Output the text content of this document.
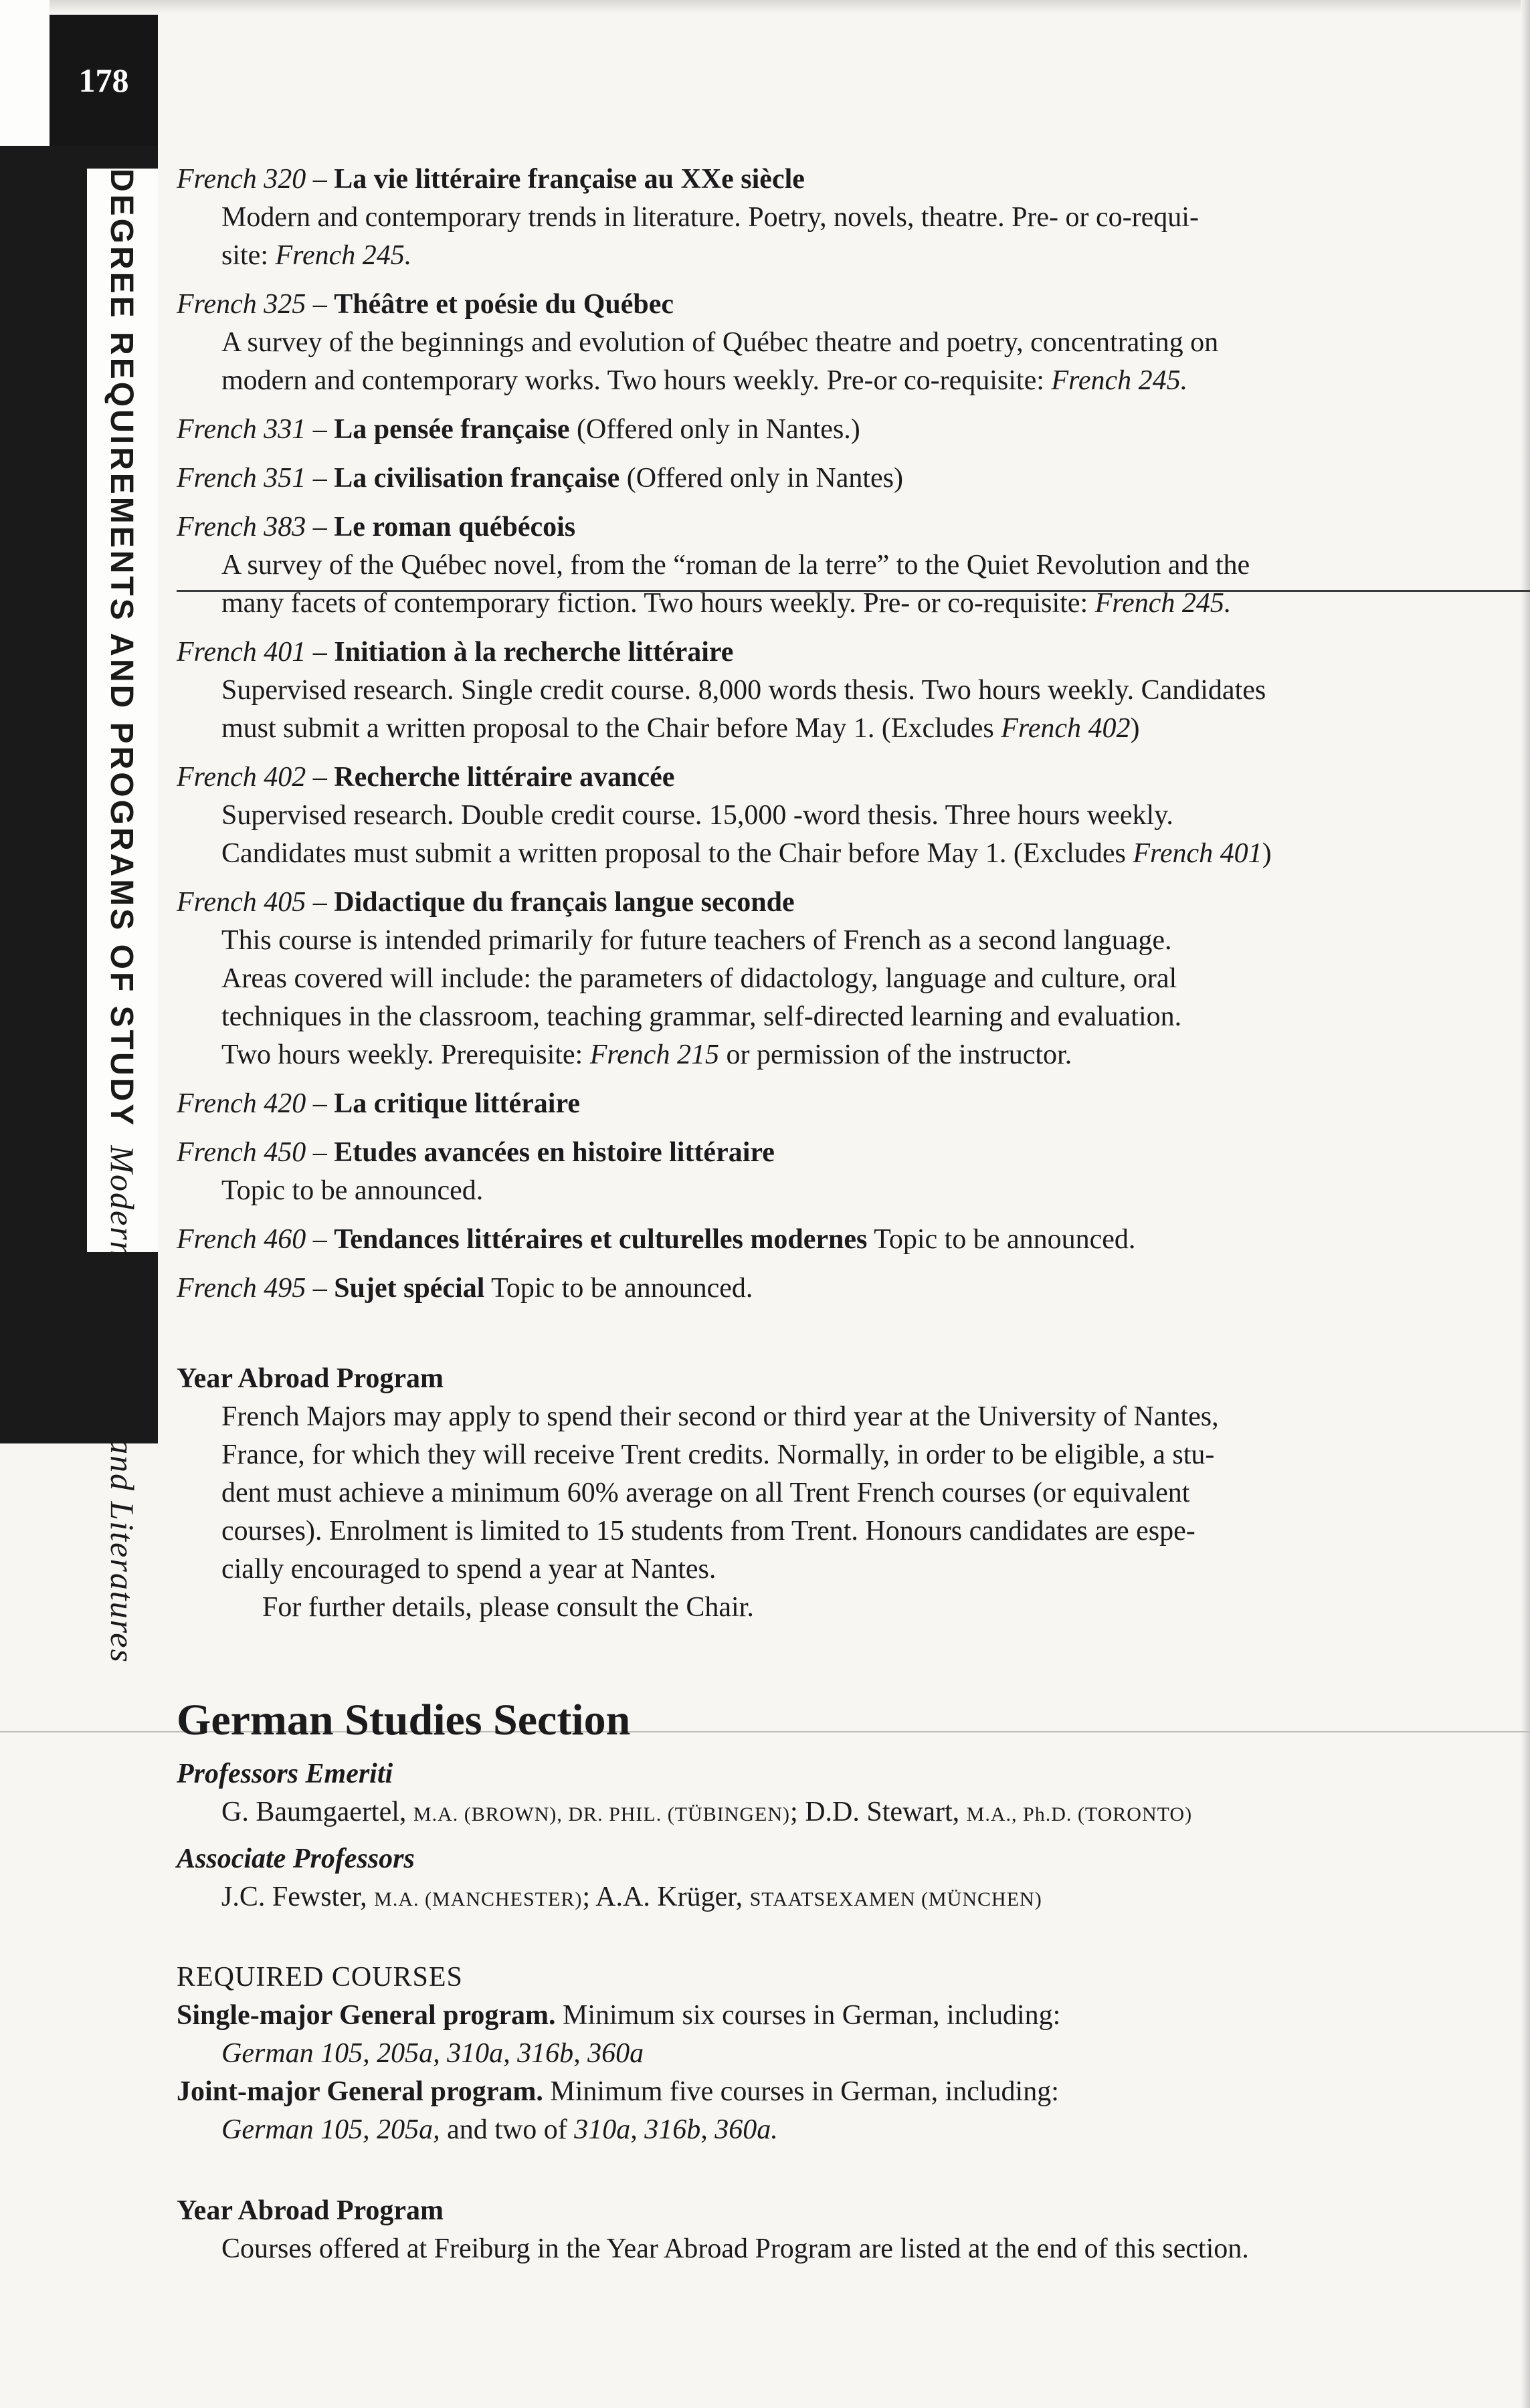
178
DEGREE REQUIREMENTS AND PROGRAMS OF STUDYModern Languages and Literatures
French 320 – La vie littéraire française au XXe siècle
Modern and contemporary trends in literature. Poetry, novels, theatre. Pre- or co-requi-
site: French 245.
French 325 – Théâtre et poésie du Québec
A survey of the beginnings and evolution of Québec theatre and poetry, concentrating on
modern and contemporary works. Two hours weekly. Pre-or co-requisite: French 245.
French 331 – La pensée française (Offered only in Nantes.)
French 351 – La civilisation française (Offered only in Nantes)
French 383 – Le roman québécois
A survey of the Québec novel, from the “roman de la terre” to the Quiet Revolution and the
many facets of contemporary fiction. Two hours weekly. Pre- or co-requisite: French 245.
French 401 – Initiation à la recherche littéraire
Supervised research. Single credit course. 8,000 words thesis. Two hours weekly. Candidates
must submit a written proposal to the Chair before May 1. (Excludes French 402)
French 402 – Recherche littéraire avancée
Supervised research. Double credit course. 15,000 -word thesis. Three hours weekly.
Candidates must submit a written proposal to the Chair before May 1. (Excludes French 401)
French 405 – Didactique du français langue seconde
This course is intended primarily for future teachers of French as a second language.
Areas covered will include: the parameters of didactology, language and culture, oral
techniques in the classroom, teaching grammar, self-directed learning and evaluation.
Two hours weekly. Prerequisite: French 215 or permission of the instructor.
French 420 – La critique littéraire
French 450 – Etudes avancées en histoire littéraire
Topic to be announced.
French 460 – Tendances littéraires et culturelles modernes Topic to be announced.
French 495 – Sujet spécial Topic to be announced.
Year Abroad Program
French Majors may apply to spend their second or third year at the University of Nantes,
France, for which they will receive Trent credits. Normally, in order to be eligible, a stu-
dent must achieve a minimum 60% average on all Trent French courses (or equivalent
courses). Enrolment is limited to 15 students from Trent. Honours candidates are espe-
cially encouraged to spend a year at Nantes.
For further details, please consult the Chair.
German Studies Section
Professors Emeriti
G. Baumgaertel, M.A. (BROWN), DR. PHIL. (TÜBINGEN); D.D. Stewart, M.A., Ph.D. (TORONTO)
Associate Professors
J.C. Fewster, M.A. (MANCHESTER); A.A. Krüger, STAATSEXAMEN (MÜNCHEN)
REQUIRED COURSES
Single-major General program. Minimum six courses in German, including:
German 105, 205a, 310a, 316b, 360a
Joint-major General program. Minimum five courses in German, including:
German 105, 205a, and two of 310a, 316b, 360a.
Year Abroad Program
Courses offered at Freiburg in the Year Abroad Program are listed at the end of this section.
